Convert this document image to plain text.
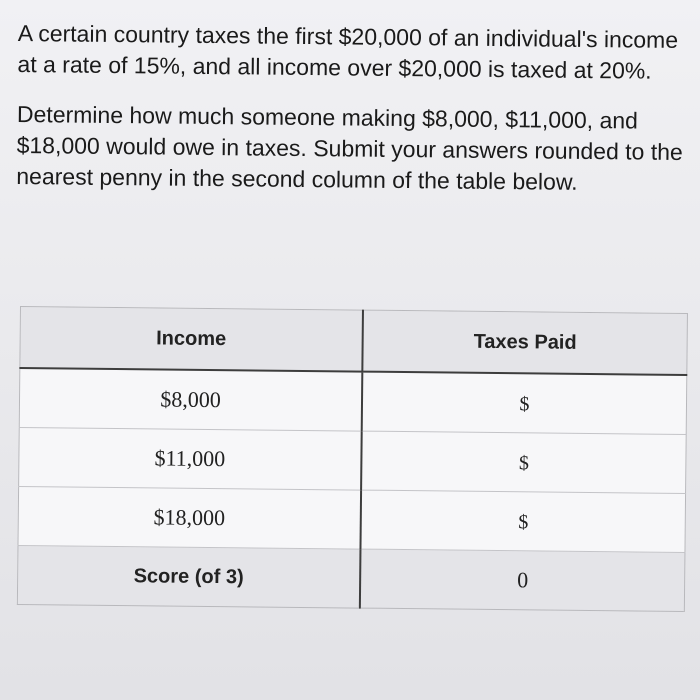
A certain country taxes the first $20,000 of an individual's income at a rate of 15%, and all income over $20,000 is taxed at 20%.

Determine how much someone making $8,000, $11,000, and $18,000 would owe in taxes. Submit your answers rounded to the nearest penny in the second column of the table below.

Income	Taxes Paid
$8,000	$
$11,000	$
$18,000	$
Score (of 3)	0
